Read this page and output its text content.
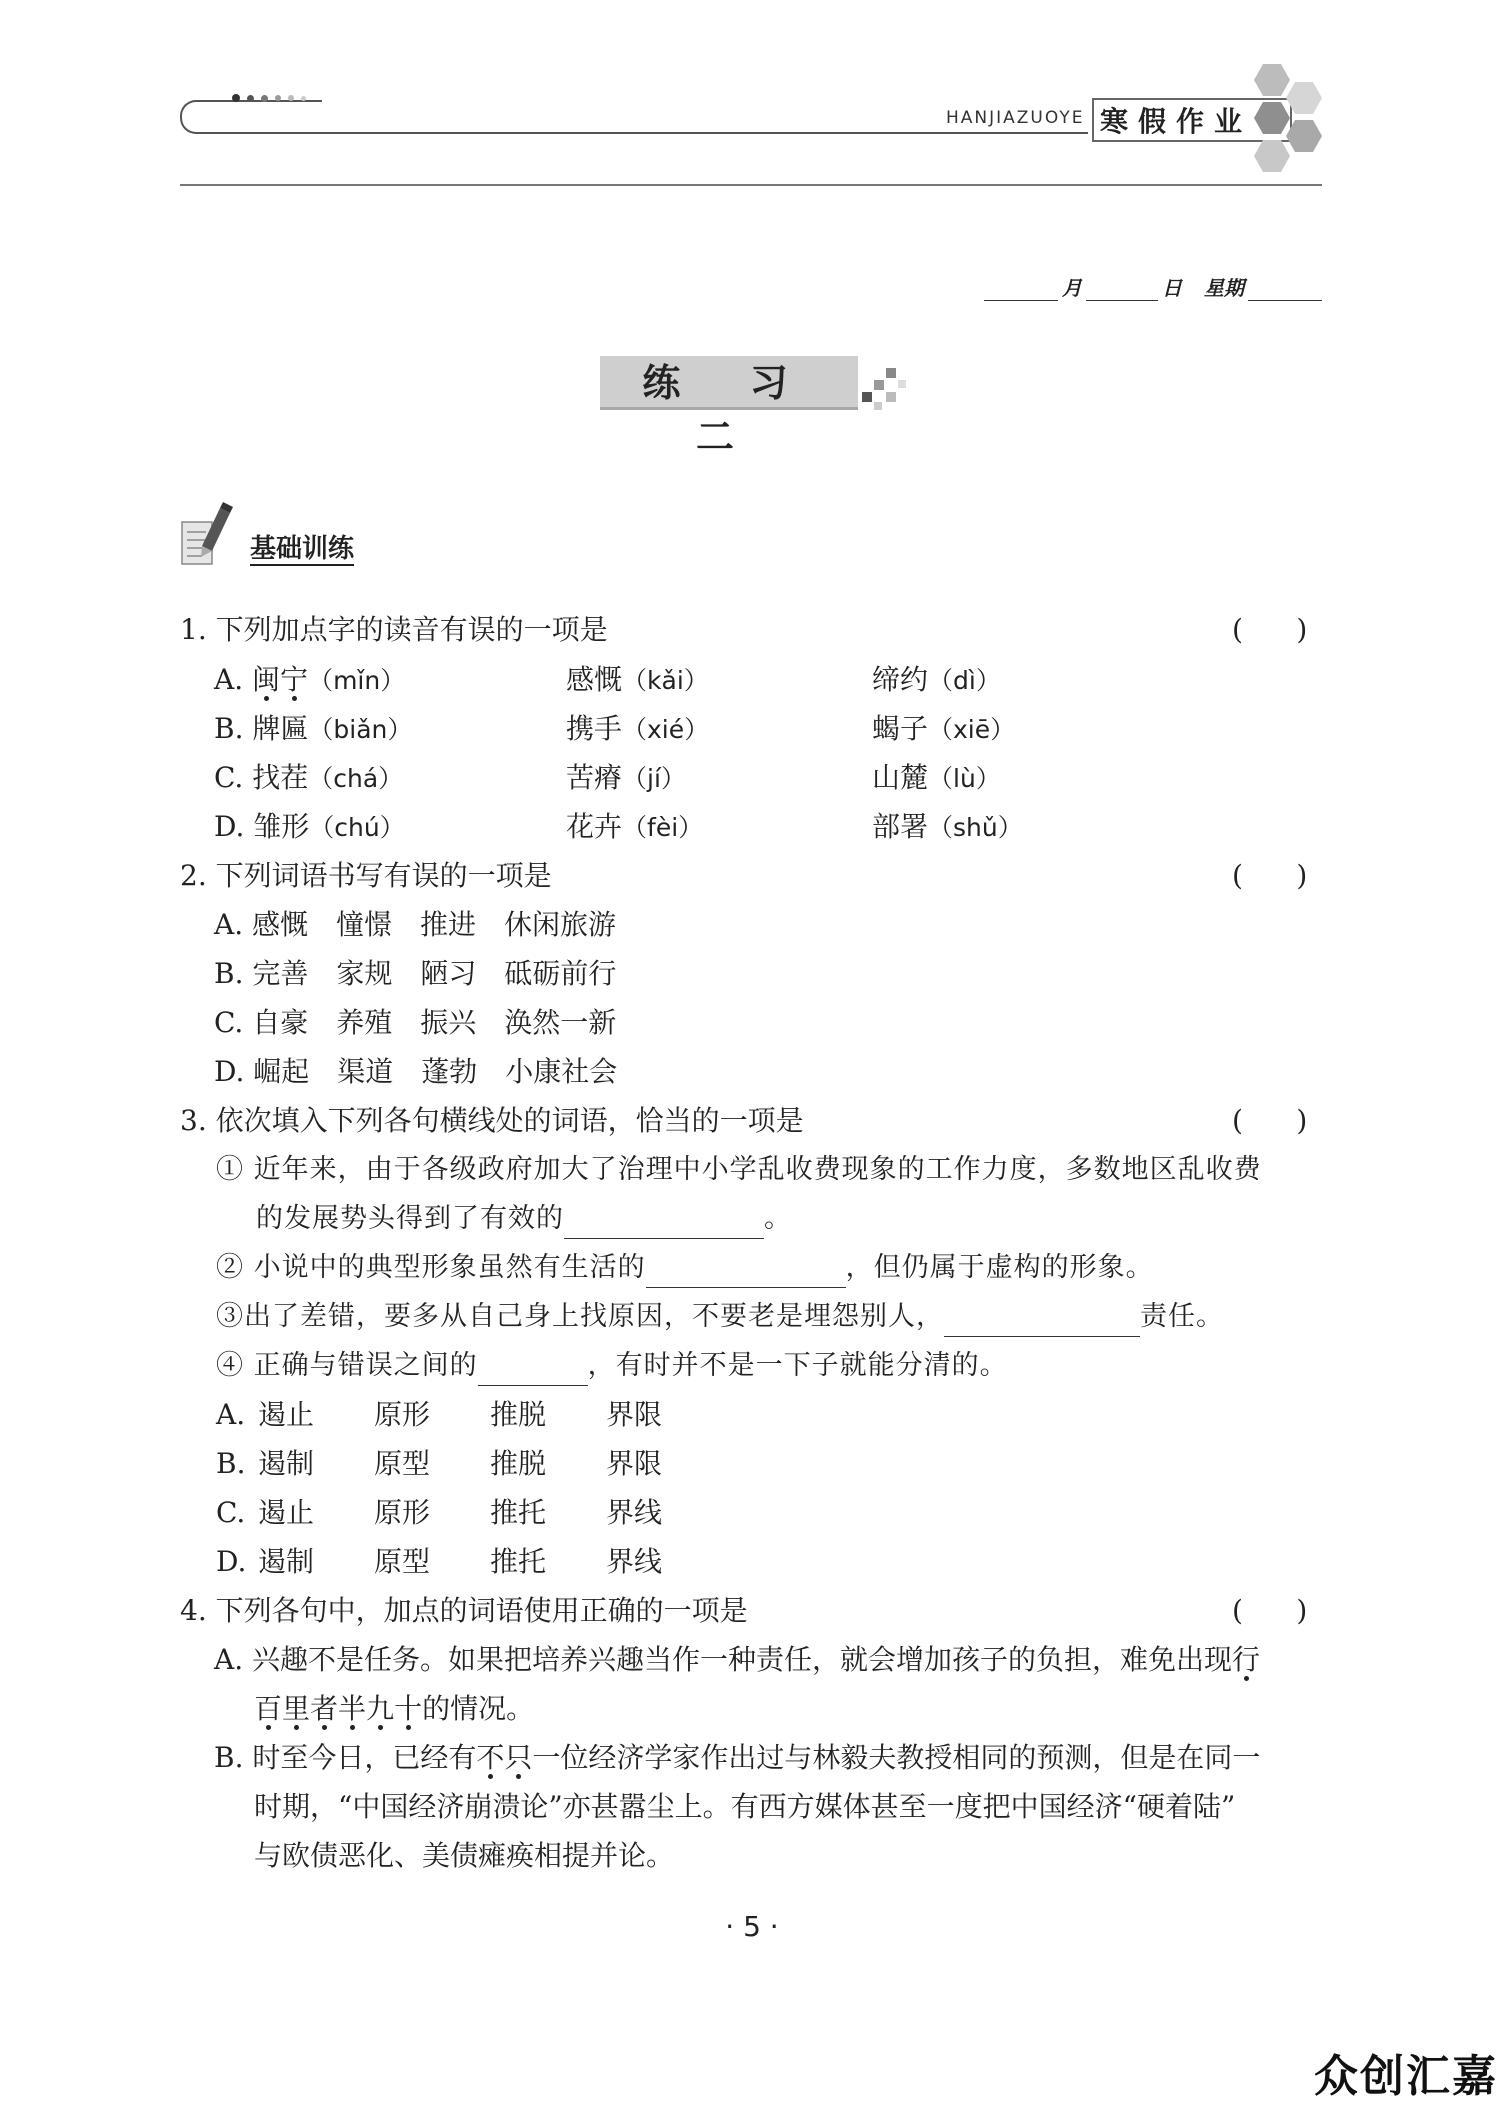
HANJIAZUOYE 寒假作业
月	日 星期
练 习 二
基础训练
1. 下列加点字的读音有误的一项是	(      )
A. 闽宁（mǐn）	感慨（kǎi）	缔约（dì）
B. 牌匾（biǎn）	携手（xié）	蝎子（xiē）
C. 找茬（chá）	苦瘠（jí）	山麓（lù）
D. 雏形（chú）	花卉（fèi）	部署（shǔ）
2. 下列词语书写有误的一项是	(      )
A. 感慨　憧憬　推进　休闲旅游
B. 完善　家规　陋习　砥砺前行
C. 自豪　养殖　振兴　涣然一新
D. 崛起　渠道　蓬勃　小康社会
3. 依次填入下列各句横线处的词语，恰当的一项是	(      )
① 近年来，由于各级政府加大了治理中小学乱收费现象的工作力度，多数地区乱收费
的发展势头得到了有效的	。
② 小说中的典型形象虽然有生活的	，但仍属于虚构的形象。
③出了差错，要多从自己身上找原因，不要老是埋怨别人，	责任。
④ 正确与错误之间的	，有时并不是一下子就能分清的。
A. 遏止 原形 推脱 界限
B. 遏制 原型 推脱 界限
C. 遏止 原形 推托 界线
D. 遏制 原型 推托 界线
4. 下列各句中，加点的词语使用正确的一项是	(      )
A. 兴趣不是任务。如果把培养兴趣当作一种责任，就会增加孩子的负担，难免出现行
百里者半九十的情况。
B. 时至今日，已经有不只一位经济学家作出过与林毅夫教授相同的预测，但是在同一
时期，“中国经济崩溃论”亦甚嚣尘上。有西方媒体甚至一度把中国经济“硬着陆”
与欧债恶化、美债瘫痪相提并论。
· 5 ·
众创汇嘉
